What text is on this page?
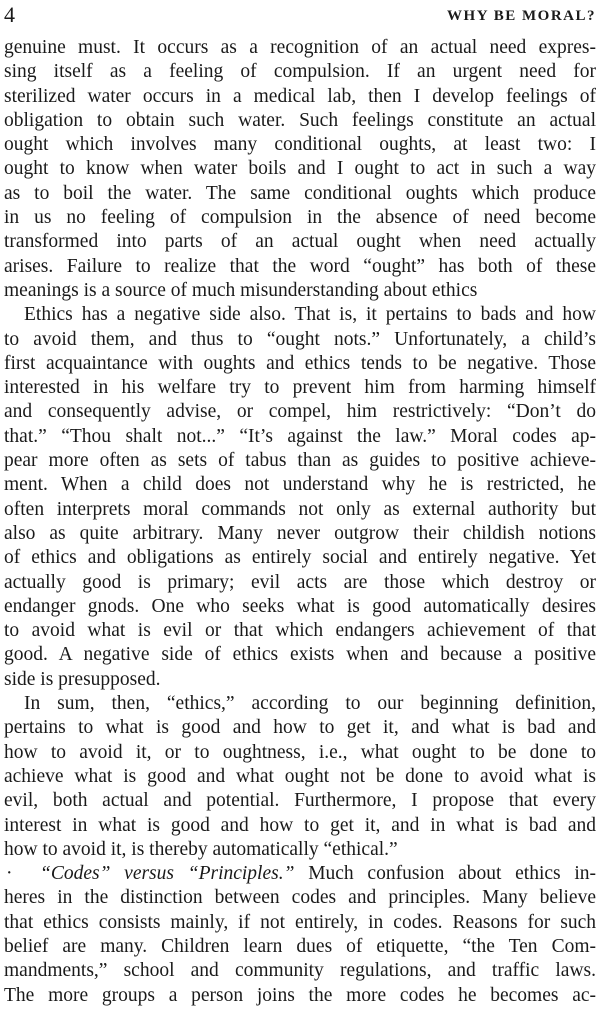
4	WHY BE MORAL?
genuine must. It occurs as a recognition of an actual need expres-
sing itself as a feeling of compulsion. If an urgent need for
sterilized water occurs in a medical lab, then I develop feelings of
obligation to obtain such water. Such feelings constitute an actual
ought which involves many conditional oughts, at least two: I
ought to know when water boils and I ought to act in such a way
as to boil the water. The same conditional oughts which produce
in us no feeling of compulsion in the absence of need become
transformed into parts of an actual ought when need actually
arises. Failure to realize that the word “ought” has both of these
meanings is a source of much misunderstanding about ethics
Ethics has a negative side also. That is, it pertains to bads and how
to avoid them, and thus to “ought nots.” Unfortunately, a child’s
first acquaintance with oughts and ethics tends to be negative. Those
interested in his welfare try to prevent him from harming himself
and consequently advise, or compel, him restrictively: “Don’t do
that.” “Thou shalt not...” “It’s against the law.” Moral codes ap-
pear more often as sets of tabus than as guides to positive achieve-
ment. When a child does not understand why he is restricted, he
often interprets moral commands not only as external authority but
also as quite arbitrary. Many never outgrow their childish notions
of ethics and obligations as entirely social and entirely negative. Yet
actually good is primary; evil acts are those which destroy or
endanger gnods. One who seeks what is good automatically desires
to avoid what is evil or that which endangers achievement of that
good. A negative side of ethics exists when and because a positive
side is presupposed.
In sum, then, “ethics,” according to our beginning definition,
pertains to what is good and how to get it, and what is bad and
how to avoid it, or to oughtness, i.e., what ought to be done to
achieve what is good and what ought not be done to avoid what is
evil, both actual and potential. Furthermore, I propose that every
interest in what is good and how to get it, and in what is bad and
how to avoid it, is thereby automatically “ethical.”
· “Codes” versus “Principles.” Much confusion about ethics in-
heres in the distinction between codes and principles. Many believe
that ethics consists mainly, if not entirely, in codes. Reasons for such
belief are many. Children learn dues of etiquette, “the Ten Com-
mandments,” school and community regulations, and traffic laws.
The more groups a person joins the more codes he becomes ac-
